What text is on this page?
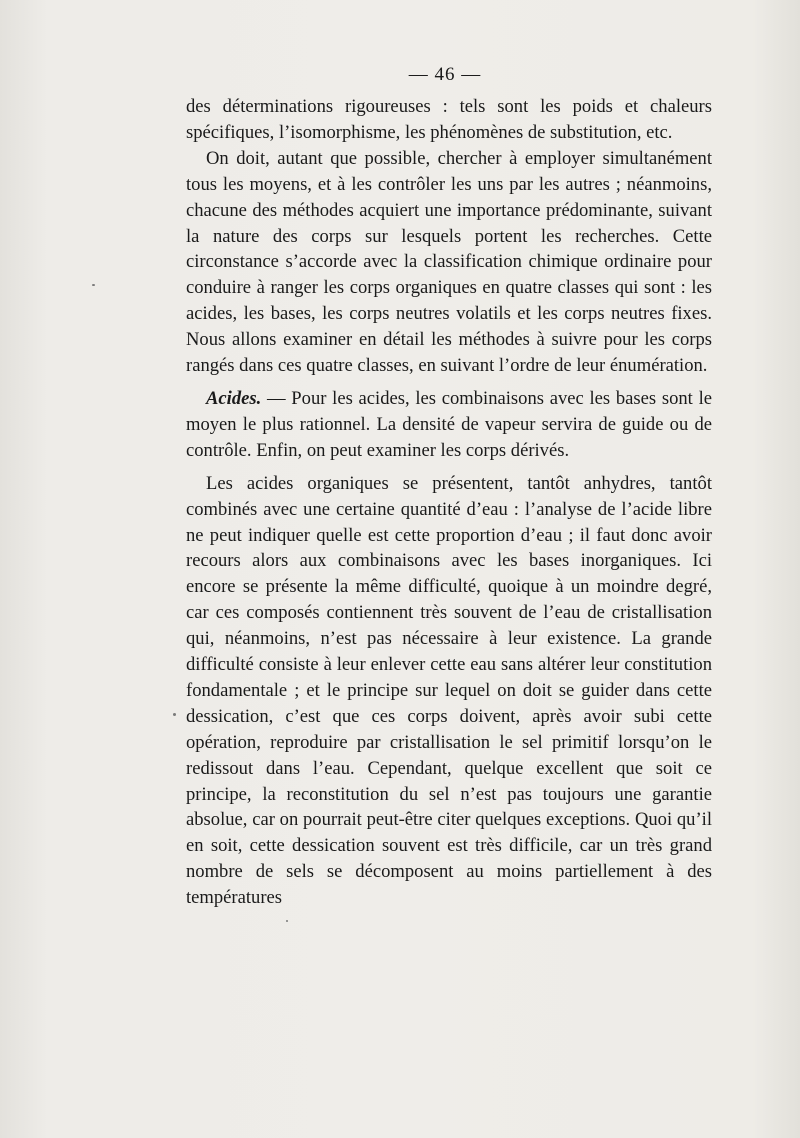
— 46 —

des déterminations rigoureuses : tels sont les poids et chaleurs spécifiques, l’isomorphisme, les phénomènes de substitution, etc.

On doit, autant que possible, chercher à employer simultanément tous les moyens, et à les contrôler les uns par les autres ; néanmoins, chacune des méthodes acquiert une importance prédominante, suivant la nature des corps sur lesquels portent les recherches. Cette circonstance s’accorde avec la classification chimique ordinaire pour conduire à ranger les corps organiques en quatre classes qui sont : les acides, les bases, les corps neutres volatils et les corps neutres fixes. Nous allons examiner en détail les méthodes à suivre pour les corps rangés dans ces quatre classes, en suivant l’ordre de leur énumération.

Acides. — Pour les acides, les combinaisons avec les bases sont le moyen le plus rationnel. La densité de vapeur servira de guide ou de contrôle. Enfin, on peut examiner les corps dérivés.

Les acides organiques se présentent, tantôt anhydres, tantôt combinés avec une certaine quantité d’eau : l’analyse de l’acide libre ne peut indiquer quelle est cette proportion d’eau ; il faut donc avoir recours alors aux combinaisons avec les bases inorganiques. Ici encore se présente la même difficulté, quoique à un moindre degré, car ces composés contiennent très souvent de l’eau de cristallisation qui, néanmoins, n’est pas nécessaire à leur existence. La grande difficulté consiste à leur enlever cette eau sans altérer leur constitution fondamentale ; et le principe sur lequel on doit se guider dans cette dessication, c’est que ces corps doivent, après avoir subi cette opération, reproduire par cristallisation le sel primitif lorsqu’on le redissout dans l’eau. Cependant, quelque excellent que soit ce principe, la reconstitution du sel n’est pas toujours une garantie absolue, car on pourrait peut-être citer quelques exceptions. Quoi qu’il en soit, cette dessication souvent est très difficile, car un très grand nombre de sels se décomposent au moins partiellement à des températures
